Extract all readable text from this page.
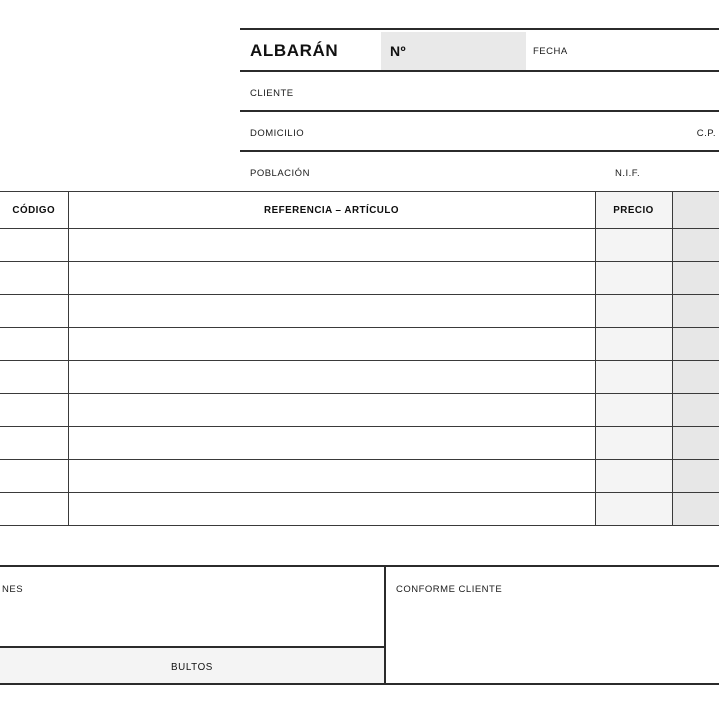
ALBARÁN	Nº	FECHA
CLIENTE
DOMICILIO	C.P.
POBLACIÓN	N.I.F.
CÓDIGO	REFERENCIA – ARTÍCULO	PRECIO	

NES
BULTOS
CONFORME CLIENTE
